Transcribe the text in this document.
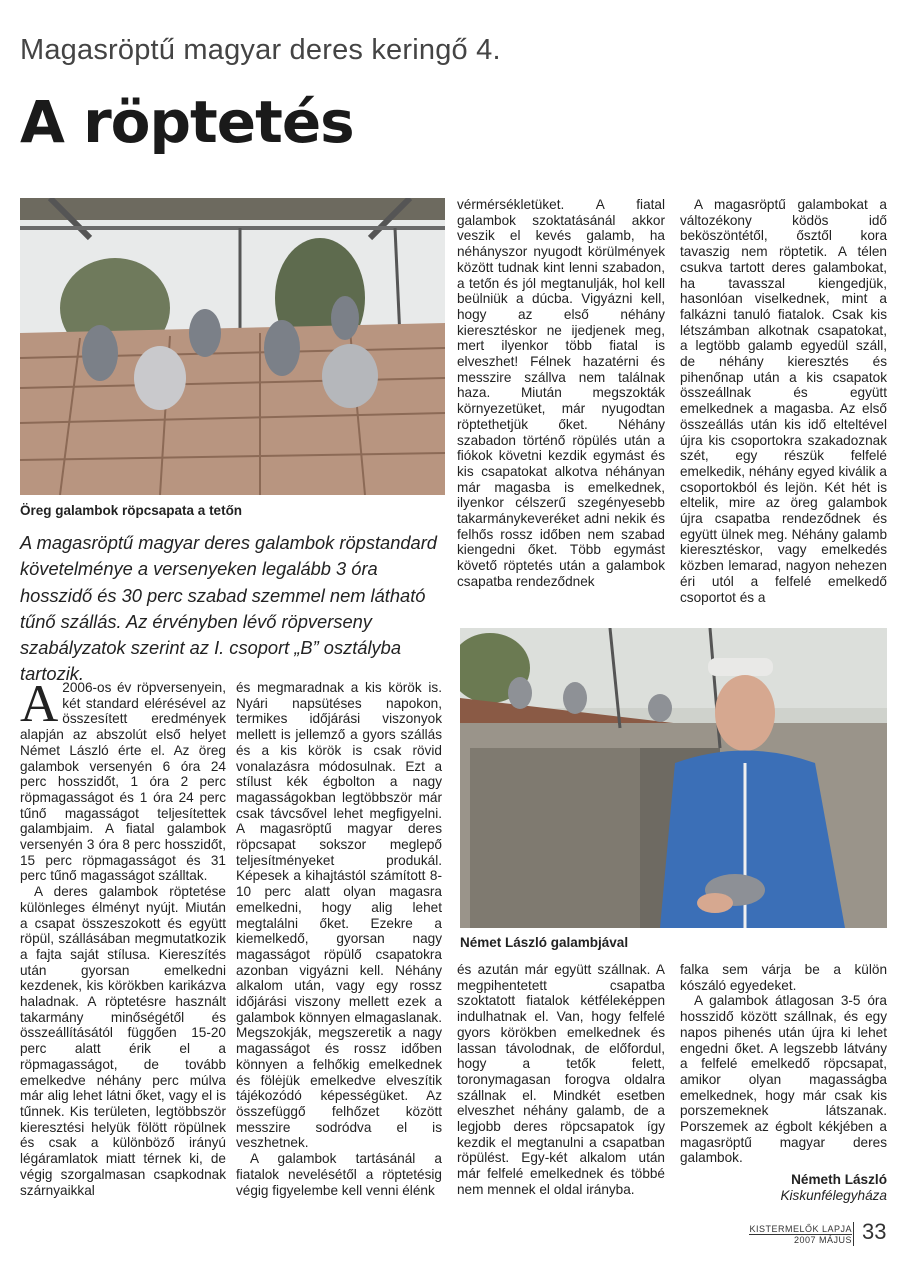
Magasröptű magyar deres keringő 4.
A röptetés
Öreg galambok röpcsapata a tetőn
A magasröptű magyar deres galambok röpstandard követelménye a versenyeken legalább 3 óra hosszidő és 30 perc szabad szemmel nem látható tűnő szállás. Az érvényben lévő röpverseny szabályzatok szerint az I. csoport „B” osztályba tartozik.

A 2006-os év röpversenyein, két standard elérésével az összesített eredmények alapján az abszolút első helyet Német László érte el. Az öreg galambok versenyén 6 óra 24 perc hosszidőt, 1 óra 2 perc röpmagasságot és 1 óra 24 perc tűnő magasságot teljesítettek galambjaim. A fiatal galambok versenyén 3 óra 8 perc hosszidőt, 15 perc röpmagasságot és 31 perc tűnő magasságot szálltak.

A deres galambok röptetése különleges élményt nyújt. Miután a csapat összeszokott és együtt röpül, szállásában megmutatkozik a fajta saját stílusa. Kiereszítés után gyorsan emelkedni kezdenek, kis körökben karikázva haladnak. A röptetésre használt takarmány minőségétől és összeállításától függően 15-20 perc alatt érik el a röpmagasságot, de tovább emelkedve néhány perc múlva már alig lehet látni őket, vagy el is tűnnek. Kis területen, legtöbbször kieresztési helyük fölött röpülnek és csak a különböző irányú légáramlatok miatt térnek ki, de végig szorgalmasan csapkodnak szárnyaikkal

és megmaradnak a kis körök is. Nyári napsütéses napokon, termikes időjárási viszonyok mellett is jellemző a gyors szállás és a kis körök is csak rövid vonalazásra módosulnak. Ezt a stílust kék égbolton a nagy magasságokban legtöbbször már csak távcsővel lehet megfigyelni. A magasröptű magyar deres röpcsapat sokszor meglepő teljesítményeket produkál. Képesek a kihajtástól számított 8-10 perc alatt olyan magasra emelkedni, hogy alig lehet megtalálni őket. Ezekre a kiemelkedő, gyorsan nagy magasságot röpülő csapatokra azonban vigyázni kell. Néhány alkalom után, vagy egy rossz időjárási viszony mellett ezek a galambok könnyen elmagaslanak. Megszokják, megszeretik a nagy magasságot és rossz időben könnyen a felhőkig emelkednek és fölėjük emelkedve elveszítik tájékozódó képességüket. Az összefüggő felhőzet között messzire sodródva el is veszhetnek.

A galambok tartásánál a fiatalok nevelésétől a röptetésig végig figyelembe kell venni élénk

vérmérsékletüket. A fiatal galambok szoktatásánál akkor veszik el kevés galamb, ha néhányszor nyugodt körülmények között tudnak kint lenni szabadon, a tetőn és jól megtanulják, hol kell beülniük a dúcba. Vigyázni kell, hogy az első néhány kieresztéskor ne ijedjenek meg, mert ilyenkor több fiatal is elveszhet! Félnek hazatérni és messzire szállva nem találnak haza. Miután megszokták környezetüket, már nyugodtan röptethetjük őket. Néhány szabadon történő röpülés után a fiókok követni kezdik egymást és kis csapatokat alkotva néhányan már magasba is emelkednek, ilyenkor célszerű szegényesebb takarmánykeveréket adni nekik és felhős rossz időben nem szabad kiengedni őket. Több egymást követő röptetés után a galambok csapatba rendeződnek

A magasröptű galambokat a változékony ködös idő beköszöntétől, ősztől kora tavaszig nem röptetik. A télen csukva tartott deres galambokat, ha tavasszal kiengedjük, hasonlóan viselkednek, mint a falkázni tanuló fiatalok. Csak kis létszámban alkotnak csapatokat, a legtöbb galamb egyedül száll, de néhány kieresztés és pihenőnap után a kis csapatok összeállnak és együtt emelkednek a magasba. Az első összeállás után kis idő elteltével újra kis csoportokra szakadoznak szét, egy részük felfelé emelkedik, néhány egyed kiválik a csoportokból és lejön. Két hét is eltelik, mire az öreg galambok újra csapatba rendeződnek és együtt ülnek meg. Néhány galamb kieresztéskor, vagy emelkedés közben lemarad, nagyon nehezen éri utól a felfelé emelkedő csoportot és a

Német László galambjával

és azután már együtt szállnak. A megpihentetett csapatba szoktatott fiatalok kétféleképpen indulhatnak el. Van, hogy felfelé gyors körökben emelkednek és lassan távolodnak, de előfordul, hogy a tetők felett, toronymagasan forogva oldalra szállnak el. Mindkét esetben elveszhet néhány galamb, de a legjobb deres röpcsapatok így kezdik el megtanulni a csapatban röpülést. Egy-két alkalom után már felfelé emelkednek és többé nem mennek el oldal irányba.

falka sem várja be a külön kószáló egyedeket.

A galambok átlagosan 3-5 óra hosszidő között szállnak, és egy napos pihenés után újra ki lehet engedni őket. A legszebb látvány a felfelé emelkedő röpcsapat, amikor olyan magasságba emelkednek, hogy már csak kis porszemeknek látszanak. Porszemek az égbolt kékjében a magasröptű magyar deres galambok.

Németh László

Kiskunfélegyháza

KISTERMELŐK LAPJA
2007 MÁJUS 33
